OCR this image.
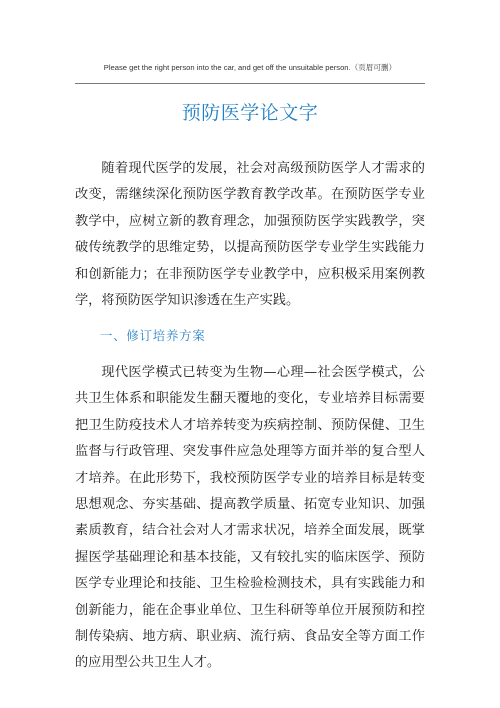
Please get the right person into the car, and get off the unsuitable person.（页眉可删）
预防医学论文字

随着现代医学的发展，社会对高级预防医学人才需求的改变，需继续深化预防医学教育教学改革。在预防医学专业教学中，应树立新的教育理念，加强预防医学实践教学，突破传统教学的思维定势，以提高预防医学专业学生实践能力和创新能力；在非预防医学专业教学中，应积极采用案例教学，将预防医学知识渗透在生产实践。

一、修订培养方案

现代医学模式已转变为生物—心理—社会医学模式，公共卫生体系和职能发生翻天覆地的变化，专业培养目标需要把卫生防疫技术人才培养转变为疾病控制、预防保健、卫生监督与行政管理、突发事件应急处理等方面并举的复合型人才培养。在此形势下，我校预防医学专业的培养目标是转变思想观念、夯实基础、提高教学质量、拓宽专业知识、加强素质教育，结合社会对人才需求状况，培养全面发展，既掌握医学基础理论和基本技能，又有较扎实的临床医学、预防医学专业理论和技能、卫生检验检测技术，具有实践能力和创新能力，能在企事业单位、卫生科研等单位开展预防和控制传染病、地方病、职业病、流行病、食品安全等方面工作的应用型公共卫生人才。
